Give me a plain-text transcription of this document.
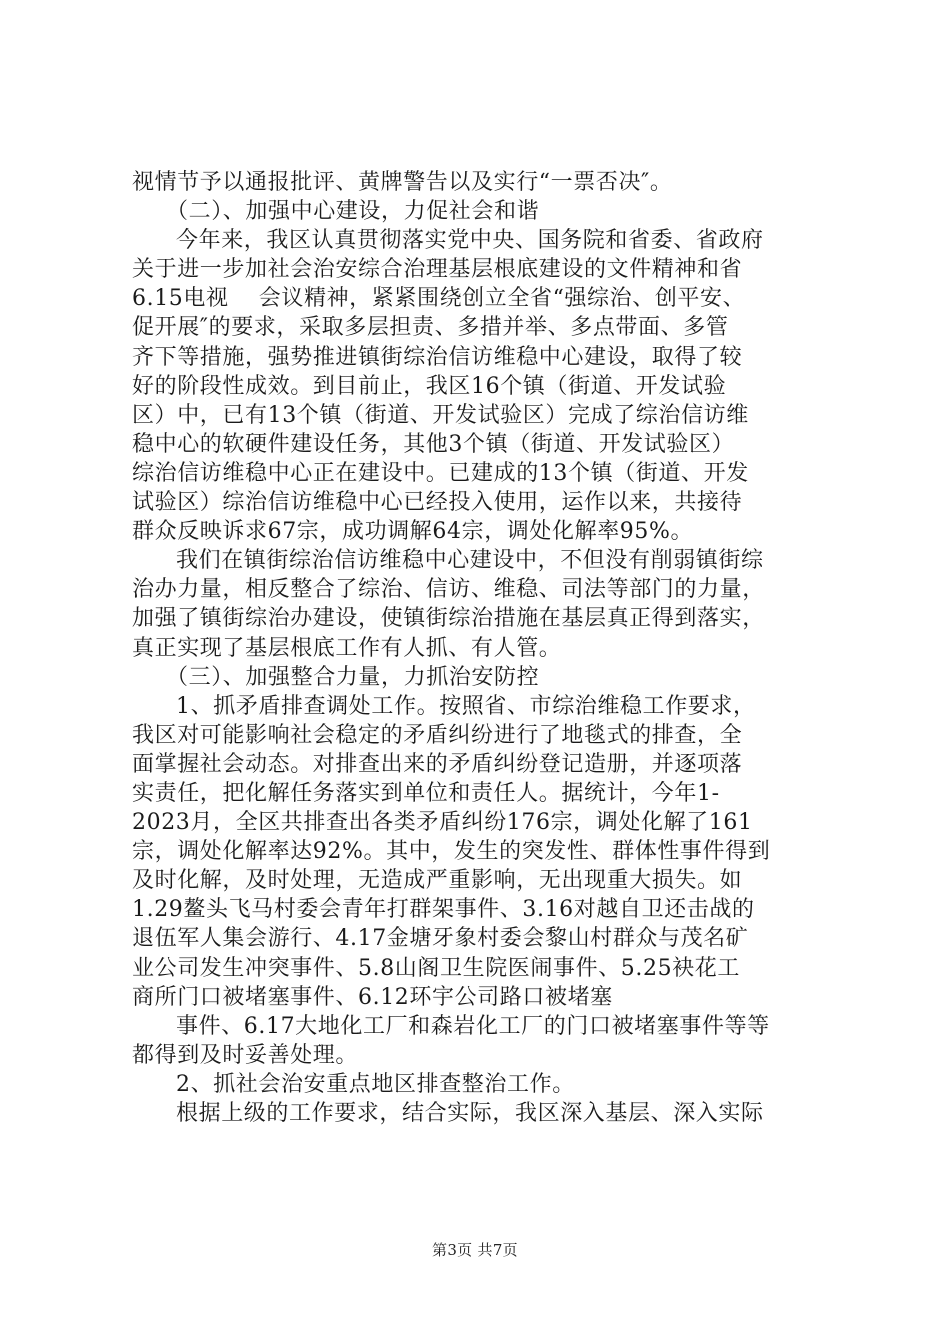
视情节予以通报批评、黄牌警告以及实行“一票否决″。
（二）、加强中心建设，力促社会和谐
今年来，我区认真贯彻落实党中央、国务院和省委、省政府
关于进一步加社会治安综合治理基层根底建设的文件精神和省
6.15电视　 会议精神，紧紧围绕创立全省“强综治、创平安、
促开展″的要求，采取多层担责、多措并举、多点带面、多管
齐下等措施，强势推进镇街综治信访维稳中心建设，取得了较
好的阶段性成效。到目前止，我区16个镇（街道、开发试验
区）中，已有13个镇（街道、开发试验区）完成了综治信访维
稳中心的软硬件建设任务，其他3个镇（街道、开发试验区）
综治信访维稳中心正在建设中。已建成的13个镇（街道、开发
试验区）综治信访维稳中心已经投入使用，运作以来，共接待
群众反映诉求67宗，成功调解64宗，调处化解率95%。
我们在镇街综治信访维稳中心建设中，不但没有削弱镇街综
治办力量，相反整合了综治、信访、维稳、司法等部门的力量，
加强了镇街综治办建设，使镇街综治措施在基层真正得到落实，
真正实现了基层根底工作有人抓、有人管。
（三）、加强整合力量，力抓治安防控
1、抓矛盾排查调处工作。按照省、市综治维稳工作要求，
我区对可能影响社会稳定的矛盾纠纷进行了地毯式的排查，全
面掌握社会动态。对排查出来的矛盾纠纷登记造册，并逐项落
实责任，把化解任务落实到单位和责任人。据统计，今年1-
2023月，全区共排查出各类矛盾纠纷176宗，调处化解了161
宗，调处化解率达92%。其中，发生的突发性、群体性事件得到
及时化解，及时处理，无造成严重影响，无出现重大损失。如
1.29鳌头飞马村委会青年打群架事件、3.16对越自卫还击战的
退伍军人集会游行、4.17金塘牙象村委会黎山村群众与茂名矿
业公司发生冲突事件、5.8山阁卫生院医闹事件、5.25袂花工
商所门口被堵塞事件、6.12环宇公司路口被堵塞
事件、6.17大地化工厂和森岩化工厂的门口被堵塞事件等等
都得到及时妥善处理。
2、抓社会治安重点地区排查整治工作。
根据上级的工作要求，结合实际，我区深入基层、深入实际
第3页 共7页
